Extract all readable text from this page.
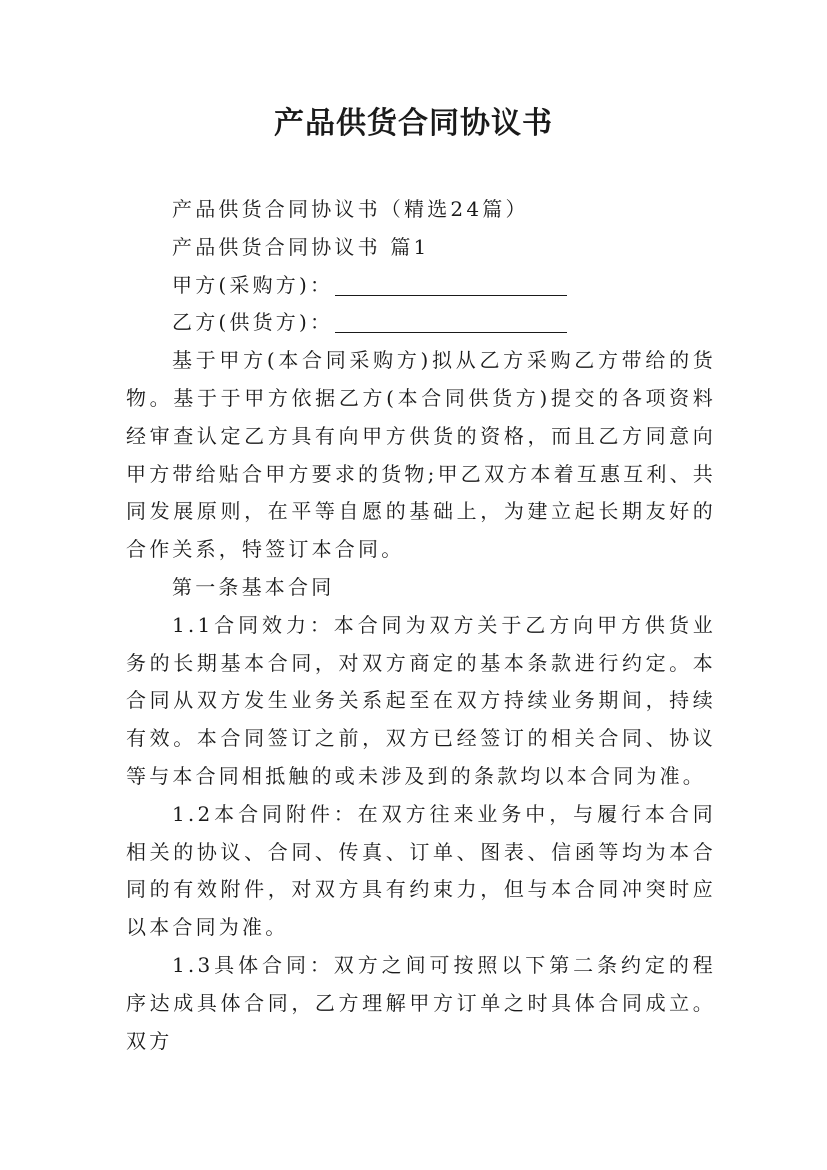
产品供货合同协议书

产品供货合同协议书（精选24篇）

产品供货合同协议书 篇1

甲方(采购方)：

乙方(供货方)：

基于甲方(本合同采购方)拟从乙方采购乙方带给的货物。基于于甲方依据乙方(本合同供货方)提交的各项资料经审查认定乙方具有向甲方供货的资格，而且乙方同意向甲方带给贴合甲方要求的货物;甲乙双方本着互惠互利、共同发展原则，在平等自愿的基础上，为建立起长期友好的合作关系，特签订本合同。

第一条基本合同

1.1合同效力：本合同为双方关于乙方向甲方供货业务的长期基本合同，对双方商定的基本条款进行约定。本合同从双方发生业务关系起至在双方持续业务期间，持续有效。本合同签订之前，双方已经签订的相关合同、协议等与本合同相抵触的或未涉及到的条款均以本合同为准。

1.2本合同附件：在双方往来业务中，与履行本合同相关的协议、合同、传真、订单、图表、信函等均为本合同的有效附件，对双方具有约束力，但与本合同冲突时应以本合同为准。

1.3具体合同：双方之间可按照以下第二条约定的程序达成具体合同，乙方理解甲方订单之时具体合同成立。双方
